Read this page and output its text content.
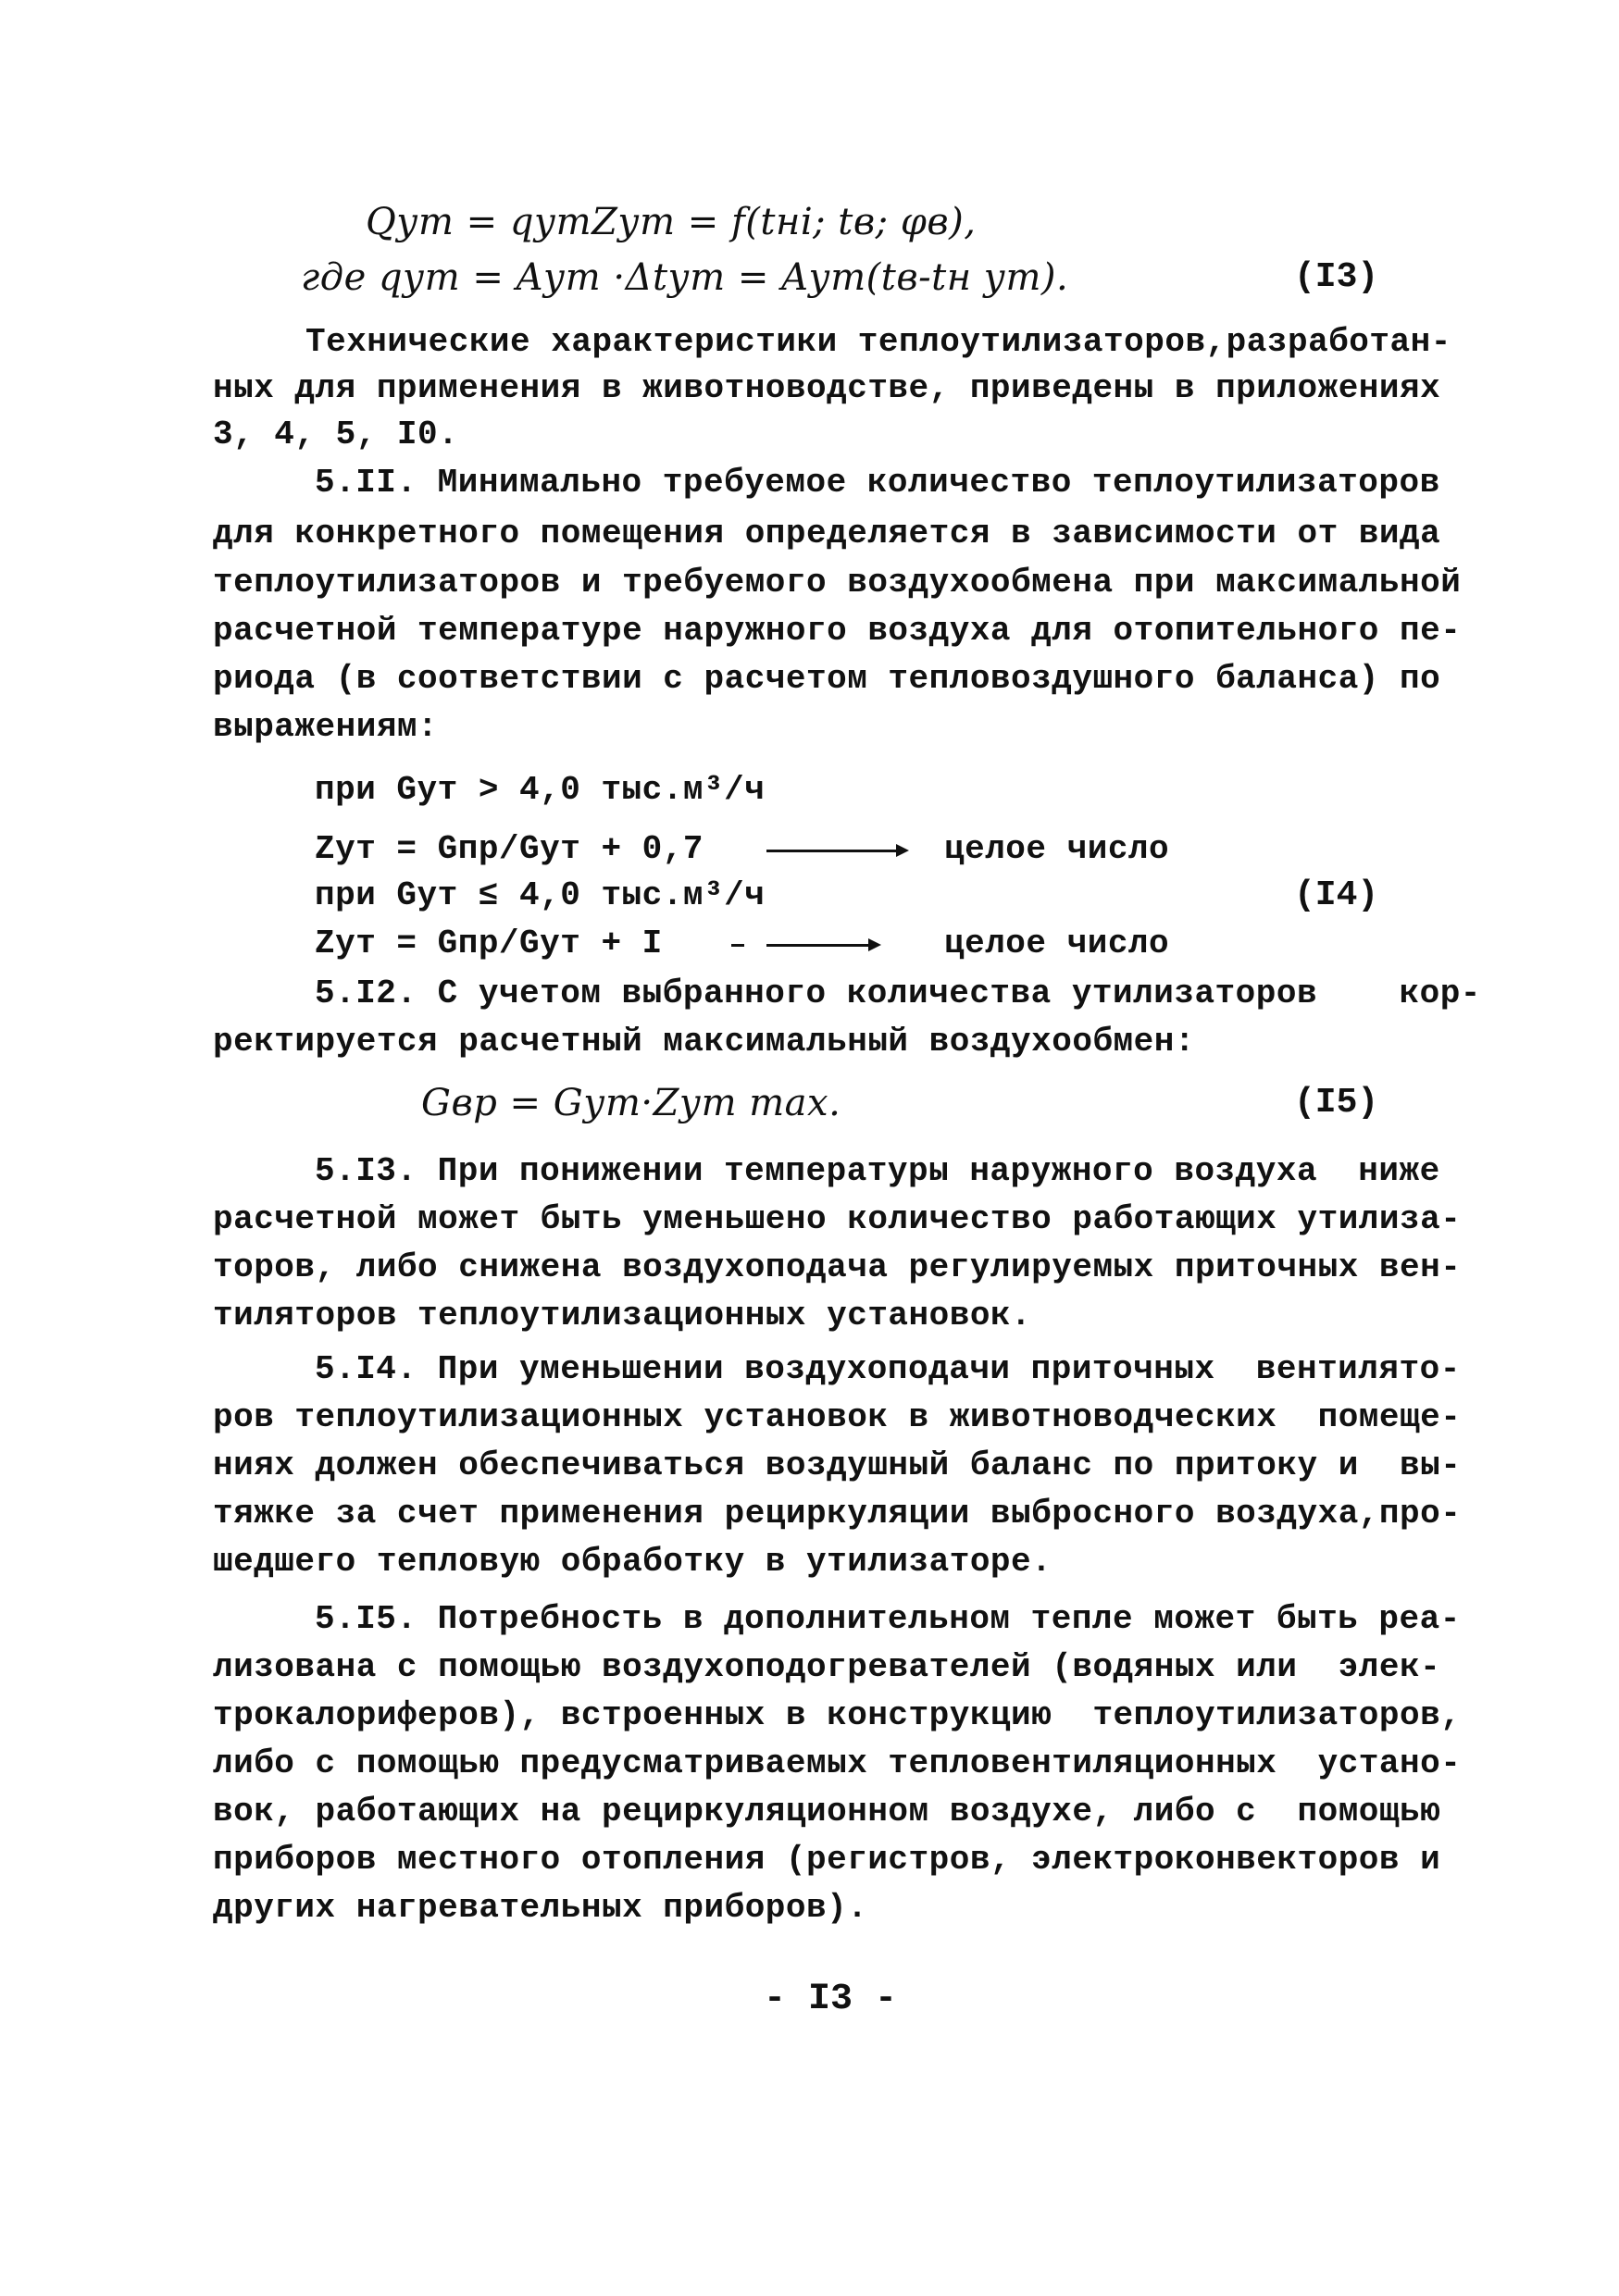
Qут = qутZут = f(tнi; tв; φв),
где qут = Aут ·Δtут = Aут(tв-tн ут).	(I3)
Технические характеристики теплоутилизаторов,разработан-
ных для применения в животноводстве, приведены в приложениях
3, 4, 5, I0.
5.II. Минимально требуемое количество теплоутилизаторов
для конкретного помещения определяется в зависимости от вида
теплоутилизаторов и требуемого воздухообмена при максимальной
расчетной температуре наружного воздуха для отопительного пе-
риода (в соответствии с расчетом тепловоздушного баланса) по
выражениям:
при Gут > 4,0 тыс.м³/ч
Zут = Gпр/Gут + 0,7	целое число
при Gут ≤ 4,0 тыс.м³/ч	(I4)
Zут = Gпр/Gут + I	целое число
5.I2. С учетом выбранного количества утилизаторов    кор-
ректируется расчетный максимальный воздухообмен:
Gвр = Gут·Zут max.	(I5)
5.I3. При понижении температуры наружного воздуха  ниже
расчетной может быть уменьшено количество работающих утилиза-
торов, либо снижена воздухоподача регулируемых приточных вен-
тиляторов теплоутилизационных установок.
5.I4. При уменьшении воздухоподачи приточных  вентилято-
ров теплоутилизационных установок в животноводческих  помеще-
ниях должен обеспечиваться воздушный баланс по притоку и  вы-
тяжке за счет применения рециркуляции выбросного воздуха,про-
шедшего тепловую обработку в утилизаторе.
5.I5. Потребность в дополнительном тепле может быть реа-
лизована с помощью воздухоподогревателей (водяных или  элек-
трокалориферов), встроенных в конструкцию  теплоутилизаторов,
либо с помощью предусматриваемых тепловентиляционных  устано-
вок, работающих на рециркуляционном воздухе, либо с  помощью
приборов местного отопления (регистров, электроконвекторов и
других нагревательных приборов).
- I3 -
